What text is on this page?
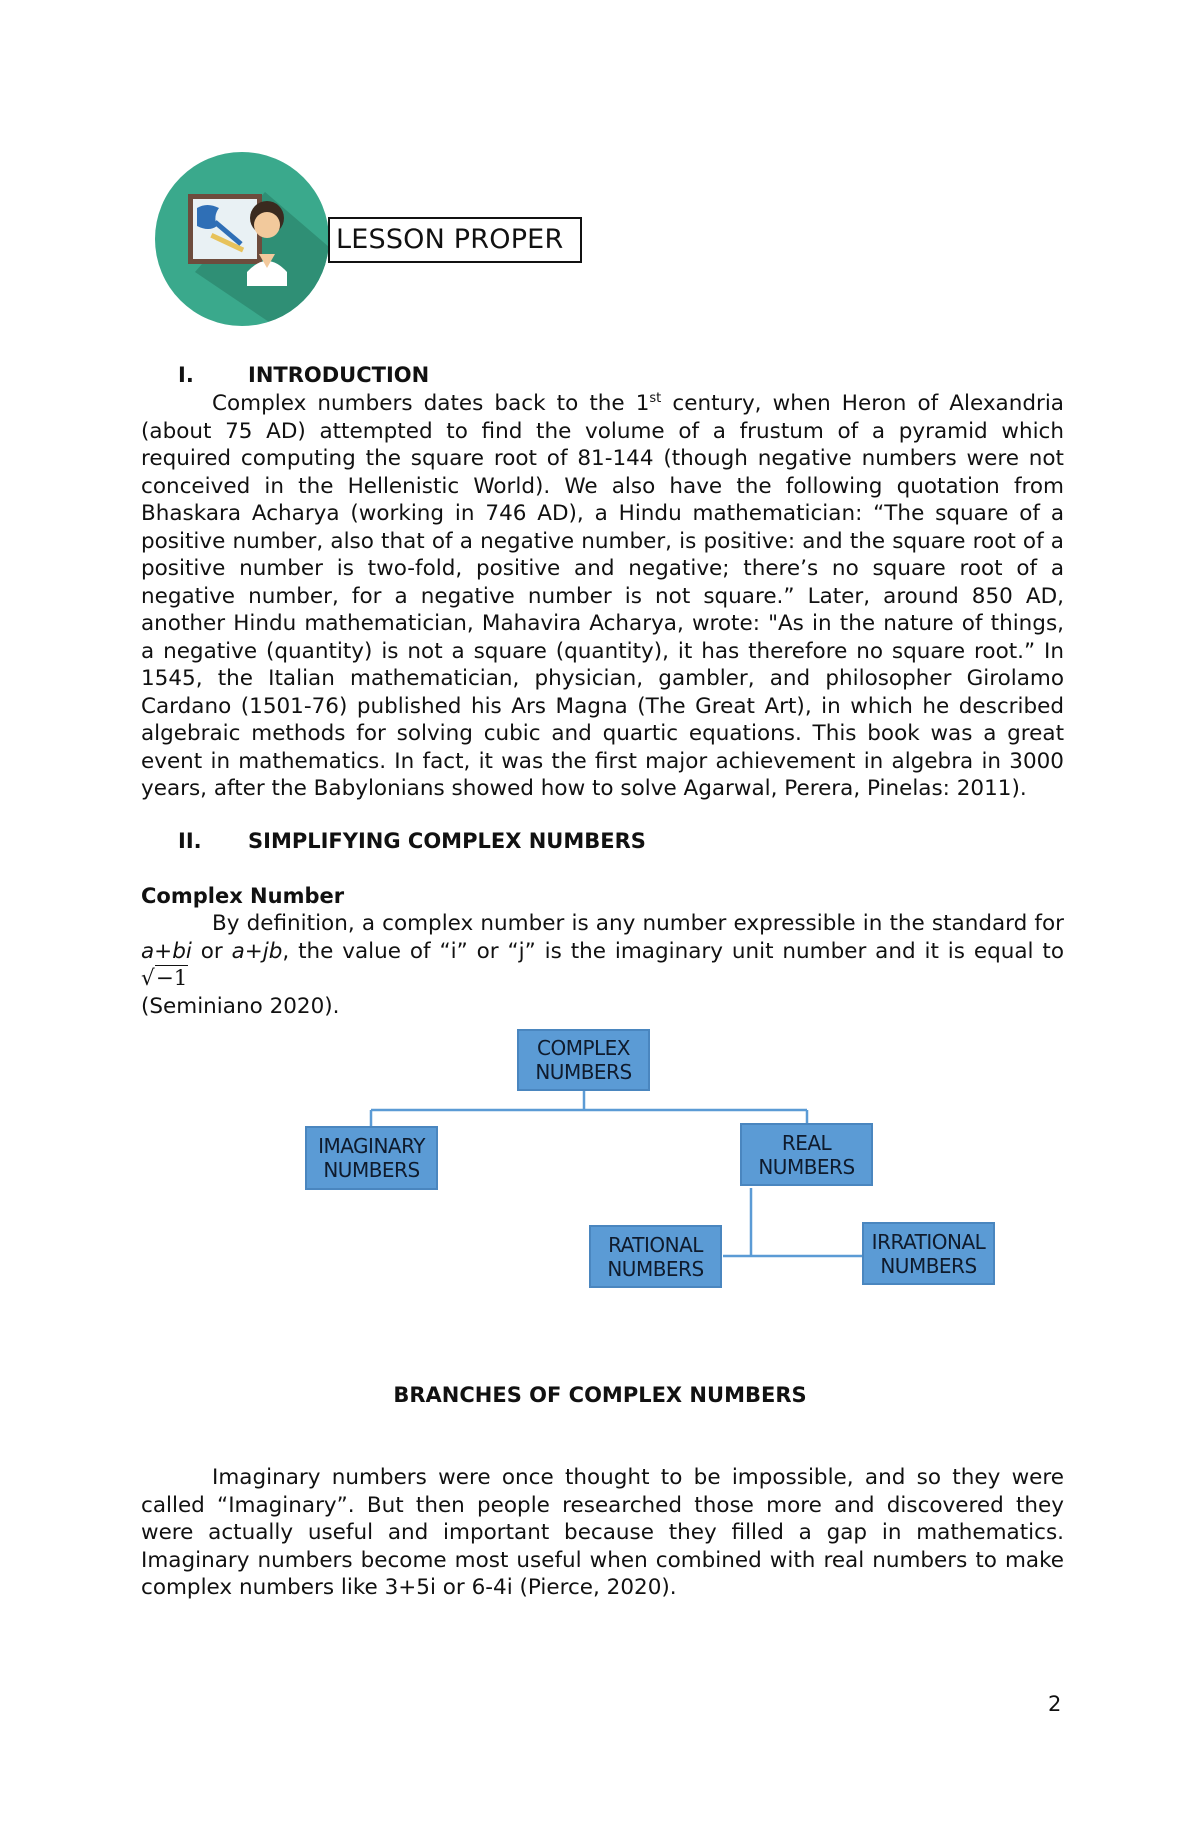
LESSON PROPER
I.	INTRODUCTION
Complex numbers dates back to the 1st century, when Heron of Alexandria (about 75 AD) attempted to find the volume of a frustum of a pyramid which required computing the square root of 81-144 (though negative numbers were not conceived in the Hellenistic World). We also have the following quotation from Bhaskara Acharya (working in 746 AD), a Hindu mathematician: “The square of a positive number, also that of a negative number, is positive: and the square root of a positive number is two-fold, positive and negative; there’s no square root of a negative number, for a negative number is not square.” Later, around 850 AD, another Hindu mathematician, Mahavira Acharya, wrote: "As in the nature of things, a negative (quantity) is not a square (quantity), it has therefore no square root.” In 1545, the Italian mathematician, physician, gambler, and philosopher Girolamo Cardano (1501-76) published his Ars Magna (The Great Art), in which he described algebraic methods for solving cubic and quartic equations. This book was a great event in mathematics. In fact, it was the first major achievement in algebra in 3000 years, after the Babylonians showed how to solve Agarwal, Perera, Pinelas: 2011).
II. SIMPLIFYING COMPLEX NUMBERS
Complex Number
By definition, a complex number is any number expressible in the standard for a+bi or a+jb, the value of “i” or “j” is the imaginary unit number and it is equal to √−1
(Seminiano 2020).
COMPLEX NUMBERS
IMAGINARY NUMBERS
REAL NUMBERS
RATIONAL NUMBERS
IRRATIONAL NUMBERS
BRANCHES OF COMPLEX NUMBERS
Imaginary numbers were once thought to be impossible, and so they were called “Imaginary”. But then people researched those more and discovered they were actually useful and important because they filled a gap in mathematics. Imaginary numbers become most useful when combined with real numbers to make complex numbers like 3+5i or 6-4i (Pierce, 2020).
2
